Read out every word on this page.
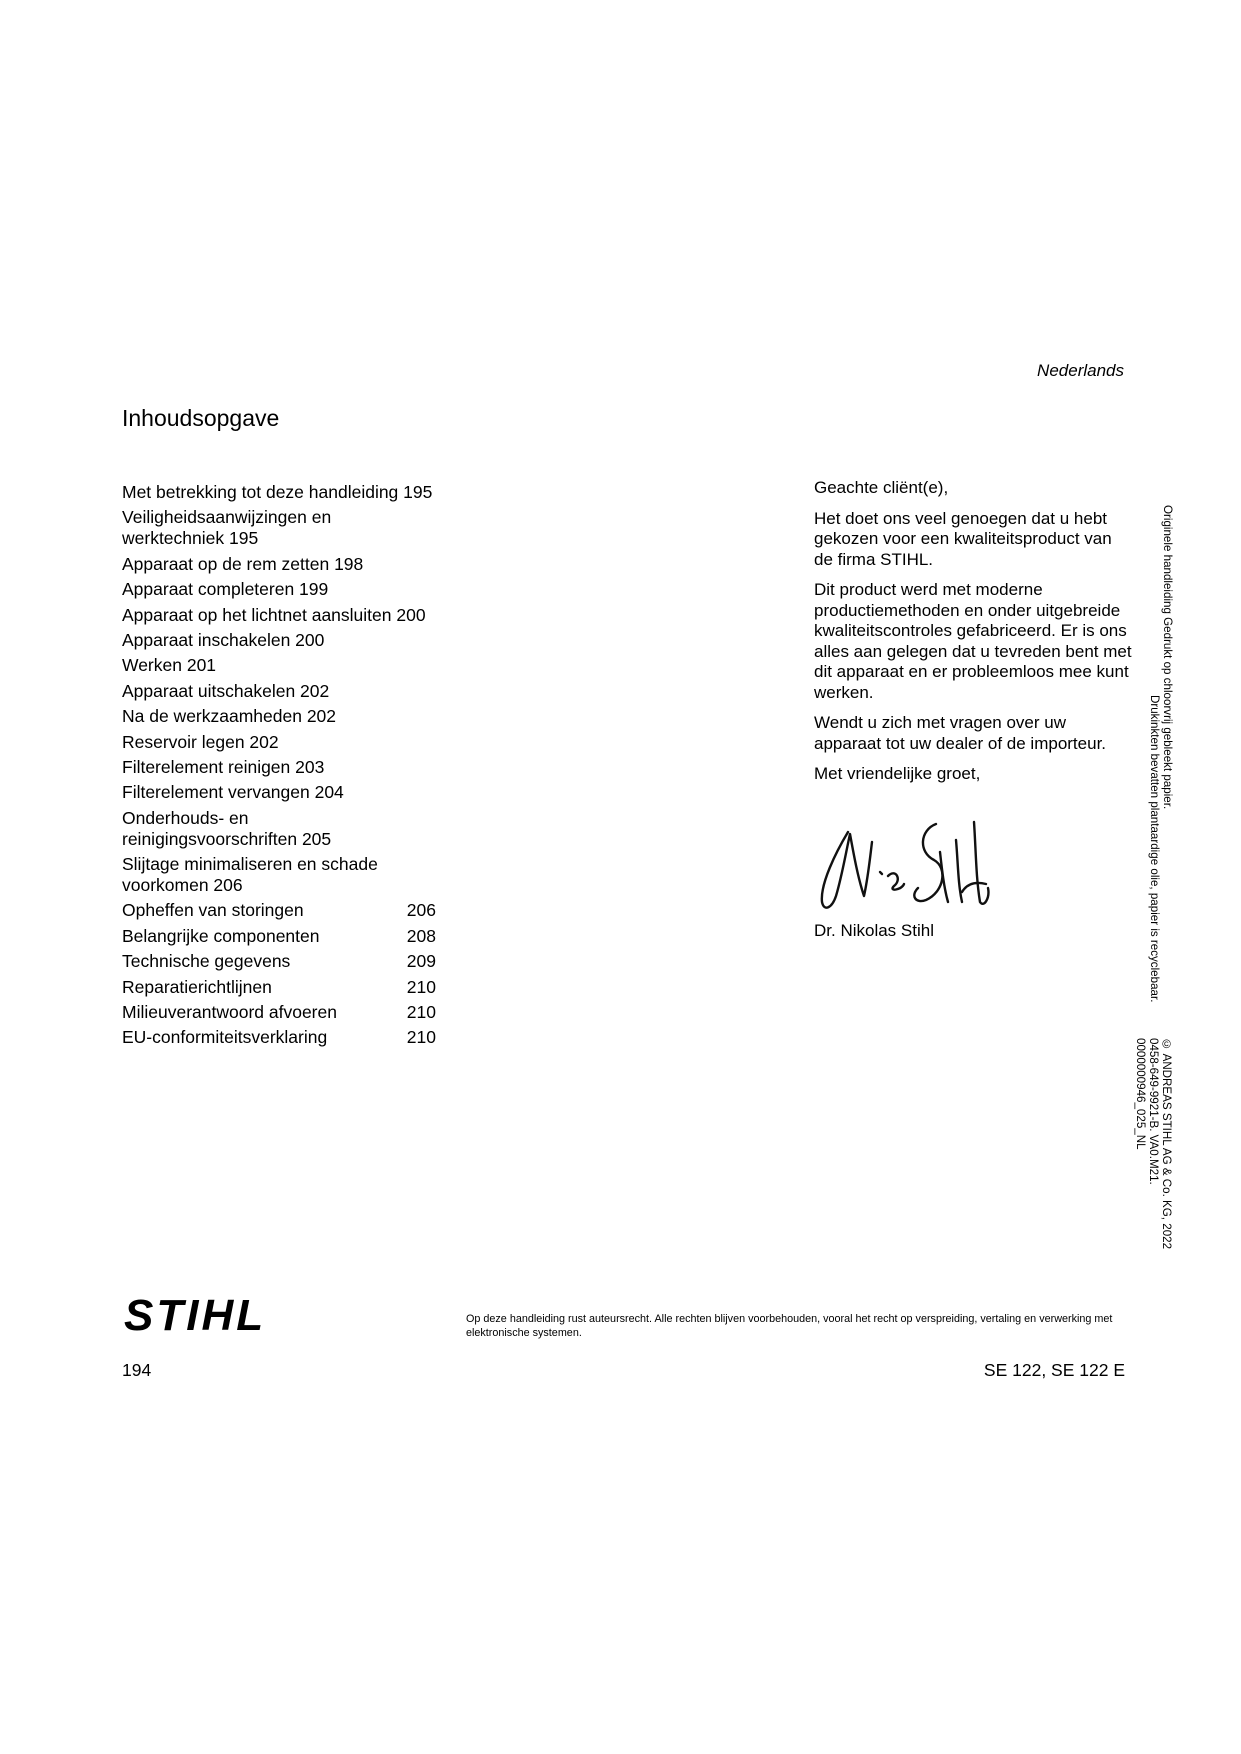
Nederlands
Inhoudsopgave
Met betrekking tot deze handleiding 195
Veiligheidsaanwijzingen en werktechniek 195
Apparaat op de rem zetten 198
Apparaat completeren 199
Apparaat op het lichtnet aansluiten 200
Apparaat inschakelen 200
Werken 201
Apparaat uitschakelen 202
Na de werkzaamheden 202
Reservoir legen 202
Filterelement reinigen 203
Filterelement vervangen 204
Onderhouds- en reinigingsvoorschriften 205
Slijtage minimaliseren en schade voorkomen 206
Opheffen van storingen	206
Belangrijke componenten	208
Technische gegevens	209
Reparatierichtlijnen	210
Milieuverantwoord afvoeren	210
EU-conformiteitsverklaring	210

Geachte cliënt(e),

Het doet ons veel genoegen dat u hebt gekozen voor een kwaliteitsproduct van de firma STIHL.

Dit product werd met moderne productiemethoden en onder uitgebreide kwaliteitscontroles gefabriceerd. Er is ons alles aan gelegen dat u tevreden bent met dit apparaat en er probleemloos mee kunt werken.

Wendt u zich met vragen over uw apparaat tot uw dealer of de importeur.

Met vriendelijke groet,

Dr. Nikolas Stihl
Originele handleiding Gedrukt op chloorvrij gebleekt papier.
Drukinkten bevatten plantaardige olie, papier is recyclebaar.
© ANDREAS STIHL AG & Co. KG, 2022
0458-649-9921-B. VA0.M21.
0000000946_025_NL
STIHL	Op deze handleiding rust auteursrecht. Alle rechten blijven voorbehouden, vooral het recht op verspreiding, vertaling en verwerking met elektronische systemen.
194	SE 122, SE 122 E
